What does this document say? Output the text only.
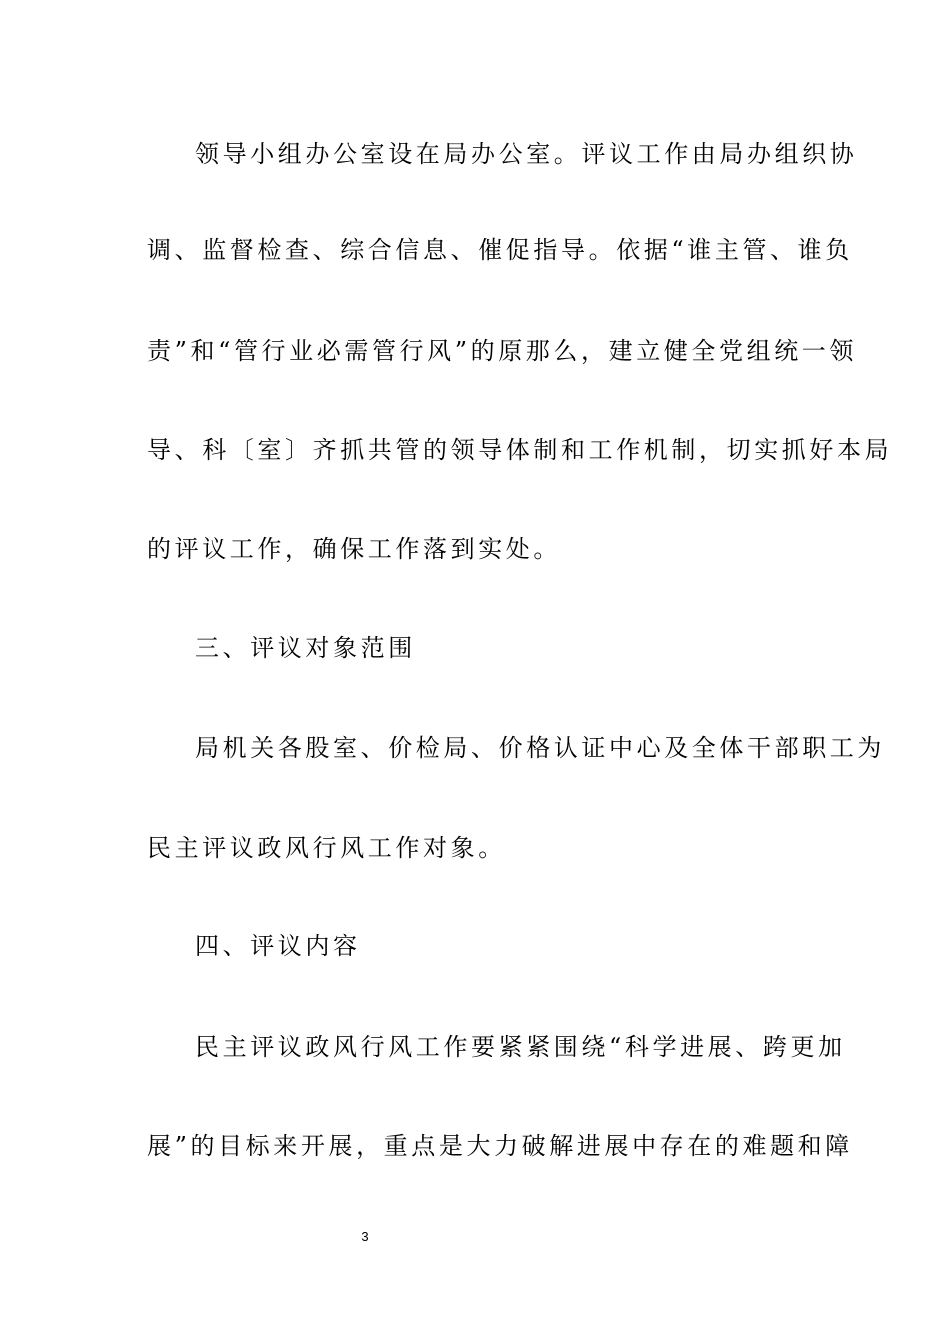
领导小组办公室设在局办公室。评议工作由局办组织协
调、监督检查、综合信息、催促指导。依据“谁主管、谁负
责”和“管行业必需管行风”的原那么，建立健全党组统一领
导、科〔室〕齐抓共管的领导体制和工作机制，切实抓好本局
的评议工作，确保工作落到实处。
三、评议对象范围
局机关各股室、价检局、价格认证中心及全体干部职工为
民主评议政风行风工作对象。
四、评议内容
民主评议政风行风工作要紧紧围绕“科学进展、跨更加
展”的目标来开展，重点是大力破解进展中存在的难题和障
3
